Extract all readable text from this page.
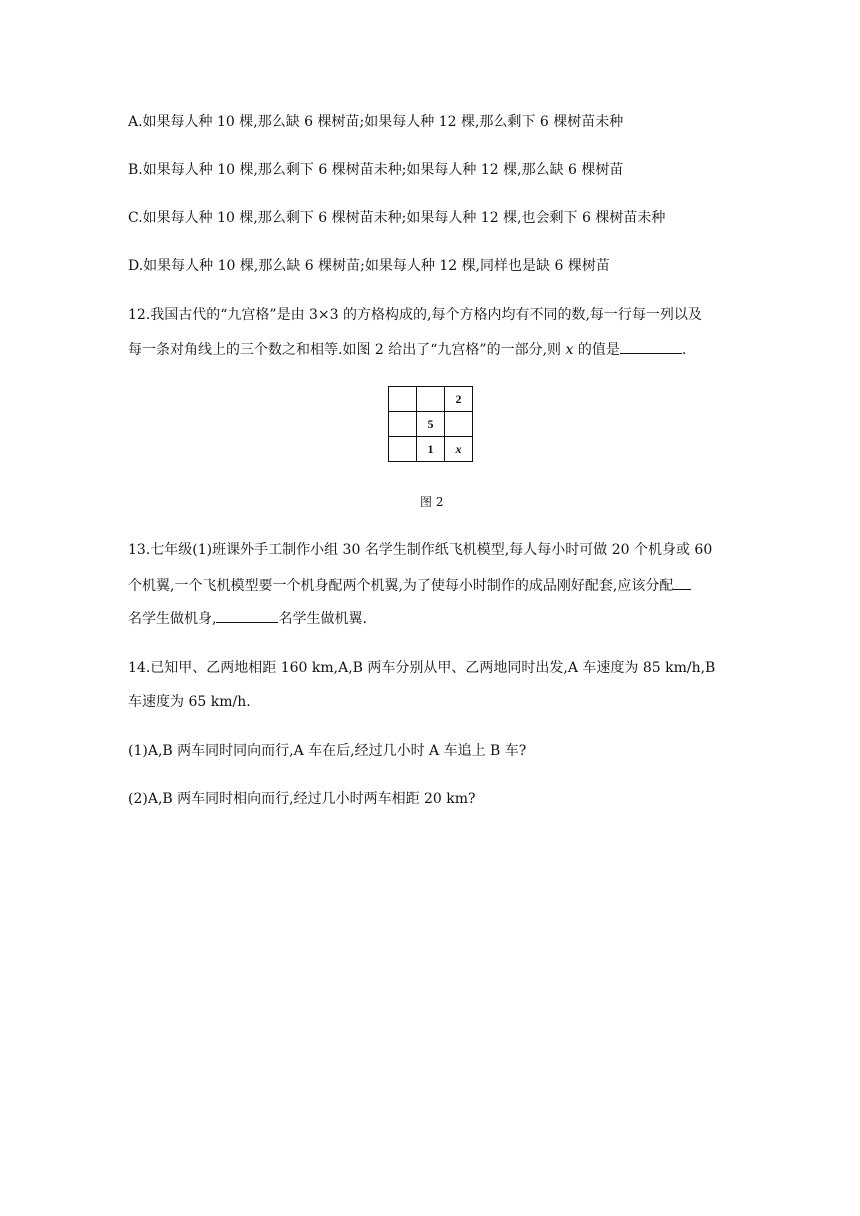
A.如果每人种 10 棵,那么缺 6 棵树苗;如果每人种 12 棵,那么剩下 6 棵树苗未种
B.如果每人种 10 棵,那么剩下 6 棵树苗未种;如果每人种 12 棵,那么缺 6 棵树苗
C.如果每人种 10 棵,那么剩下 6 棵树苗未种;如果每人种 12 棵,也会剩下 6 棵树苗未种
D.如果每人种 10 棵,那么缺 6 棵树苗;如果每人种 12 棵,同样也是缺 6 棵树苗
12.我国古代的“九宫格”是由 3×3 的方格构成的,每个方格内均有不同的数,每一行每一列以及
每一条对角线上的三个数之和相等.如图 2 给出了“九宫格”的一部分,则 x 的值是	.
		2
	5	
	1	x
图 2
13.七年级(1)班课外手工制作小组 30 名学生制作纸飞机模型,每人每小时可做 20 个机身或 60
个机翼,一个飞机模型要一个机身配两个机翼,为了使每小时制作的成品刚好配套,应该分配
名学生做机身,	名学生做机翼.
14.已知甲、乙两地相距 160 km,A,B 两车分别从甲、乙两地同时出发,A 车速度为 85 km/h,B
车速度为 65 km/h.
(1)A,B 两车同时同向而行,A 车在后,经过几小时 A 车追上 B 车?
(2)A,B 两车同时相向而行,经过几小时两车相距 20 km?
